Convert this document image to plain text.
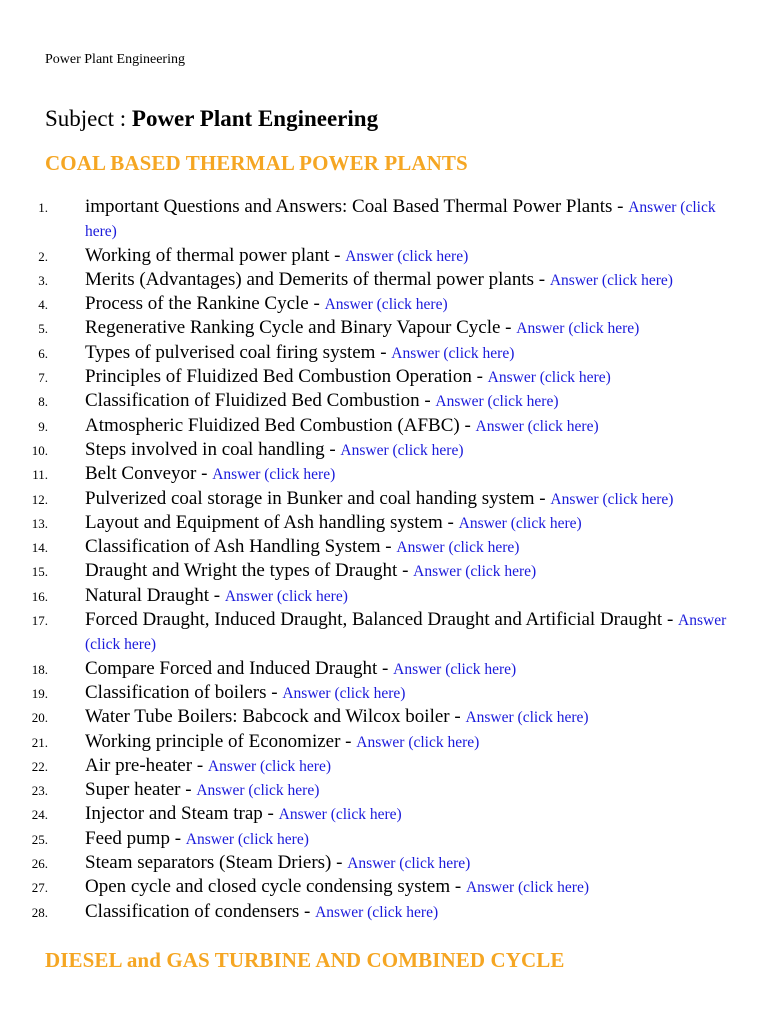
Power Plant Engineering
Subject : Power Plant Engineering
COAL BASED THERMAL POWER PLANTS
1. important Questions and Answers: Coal Based Thermal Power Plants - Answer (click here)
2. Working of thermal power plant - Answer (click here)
3. Merits (Advantages) and Demerits of thermal power plants - Answer (click here)
4. Process of the Rankine Cycle - Answer (click here)
5. Regenerative Ranking Cycle and Binary Vapour Cycle - Answer (click here)
6. Types of pulverised coal firing system - Answer (click here)
7. Principles of Fluidized Bed Combustion Operation - Answer (click here)
8. Classification of Fluidized Bed Combustion - Answer (click here)
9. Atmospheric Fluidized Bed Combustion (AFBC) - Answer (click here)
10. Steps involved in coal handling - Answer (click here)
11. Belt Conveyor - Answer (click here)
12. Pulverized coal storage in Bunker and coal handing system - Answer (click here)
13. Layout and Equipment of Ash handling system - Answer (click here)
14. Classification of Ash Handling System - Answer (click here)
15. Draught and Wright the types of Draught - Answer (click here)
16. Natural Draught - Answer (click here)
17. Forced Draught, Induced Draught, Balanced Draught and Artificial Draught - Answer (click here)
18. Compare Forced and Induced Draught - Answer (click here)
19. Classification of boilers - Answer (click here)
20. Water Tube Boilers: Babcock and Wilcox boiler - Answer (click here)
21. Working principle of Economizer - Answer (click here)
22. Air pre-heater - Answer (click here)
23. Super heater - Answer (click here)
24. Injector and Steam trap - Answer (click here)
25. Feed pump - Answer (click here)
26. Steam separators (Steam Driers) - Answer (click here)
27. Open cycle and closed cycle condensing system - Answer (click here)
28. Classification of condensers - Answer (click here)
DIESEL and GAS TURBINE AND COMBINED CYCLE
